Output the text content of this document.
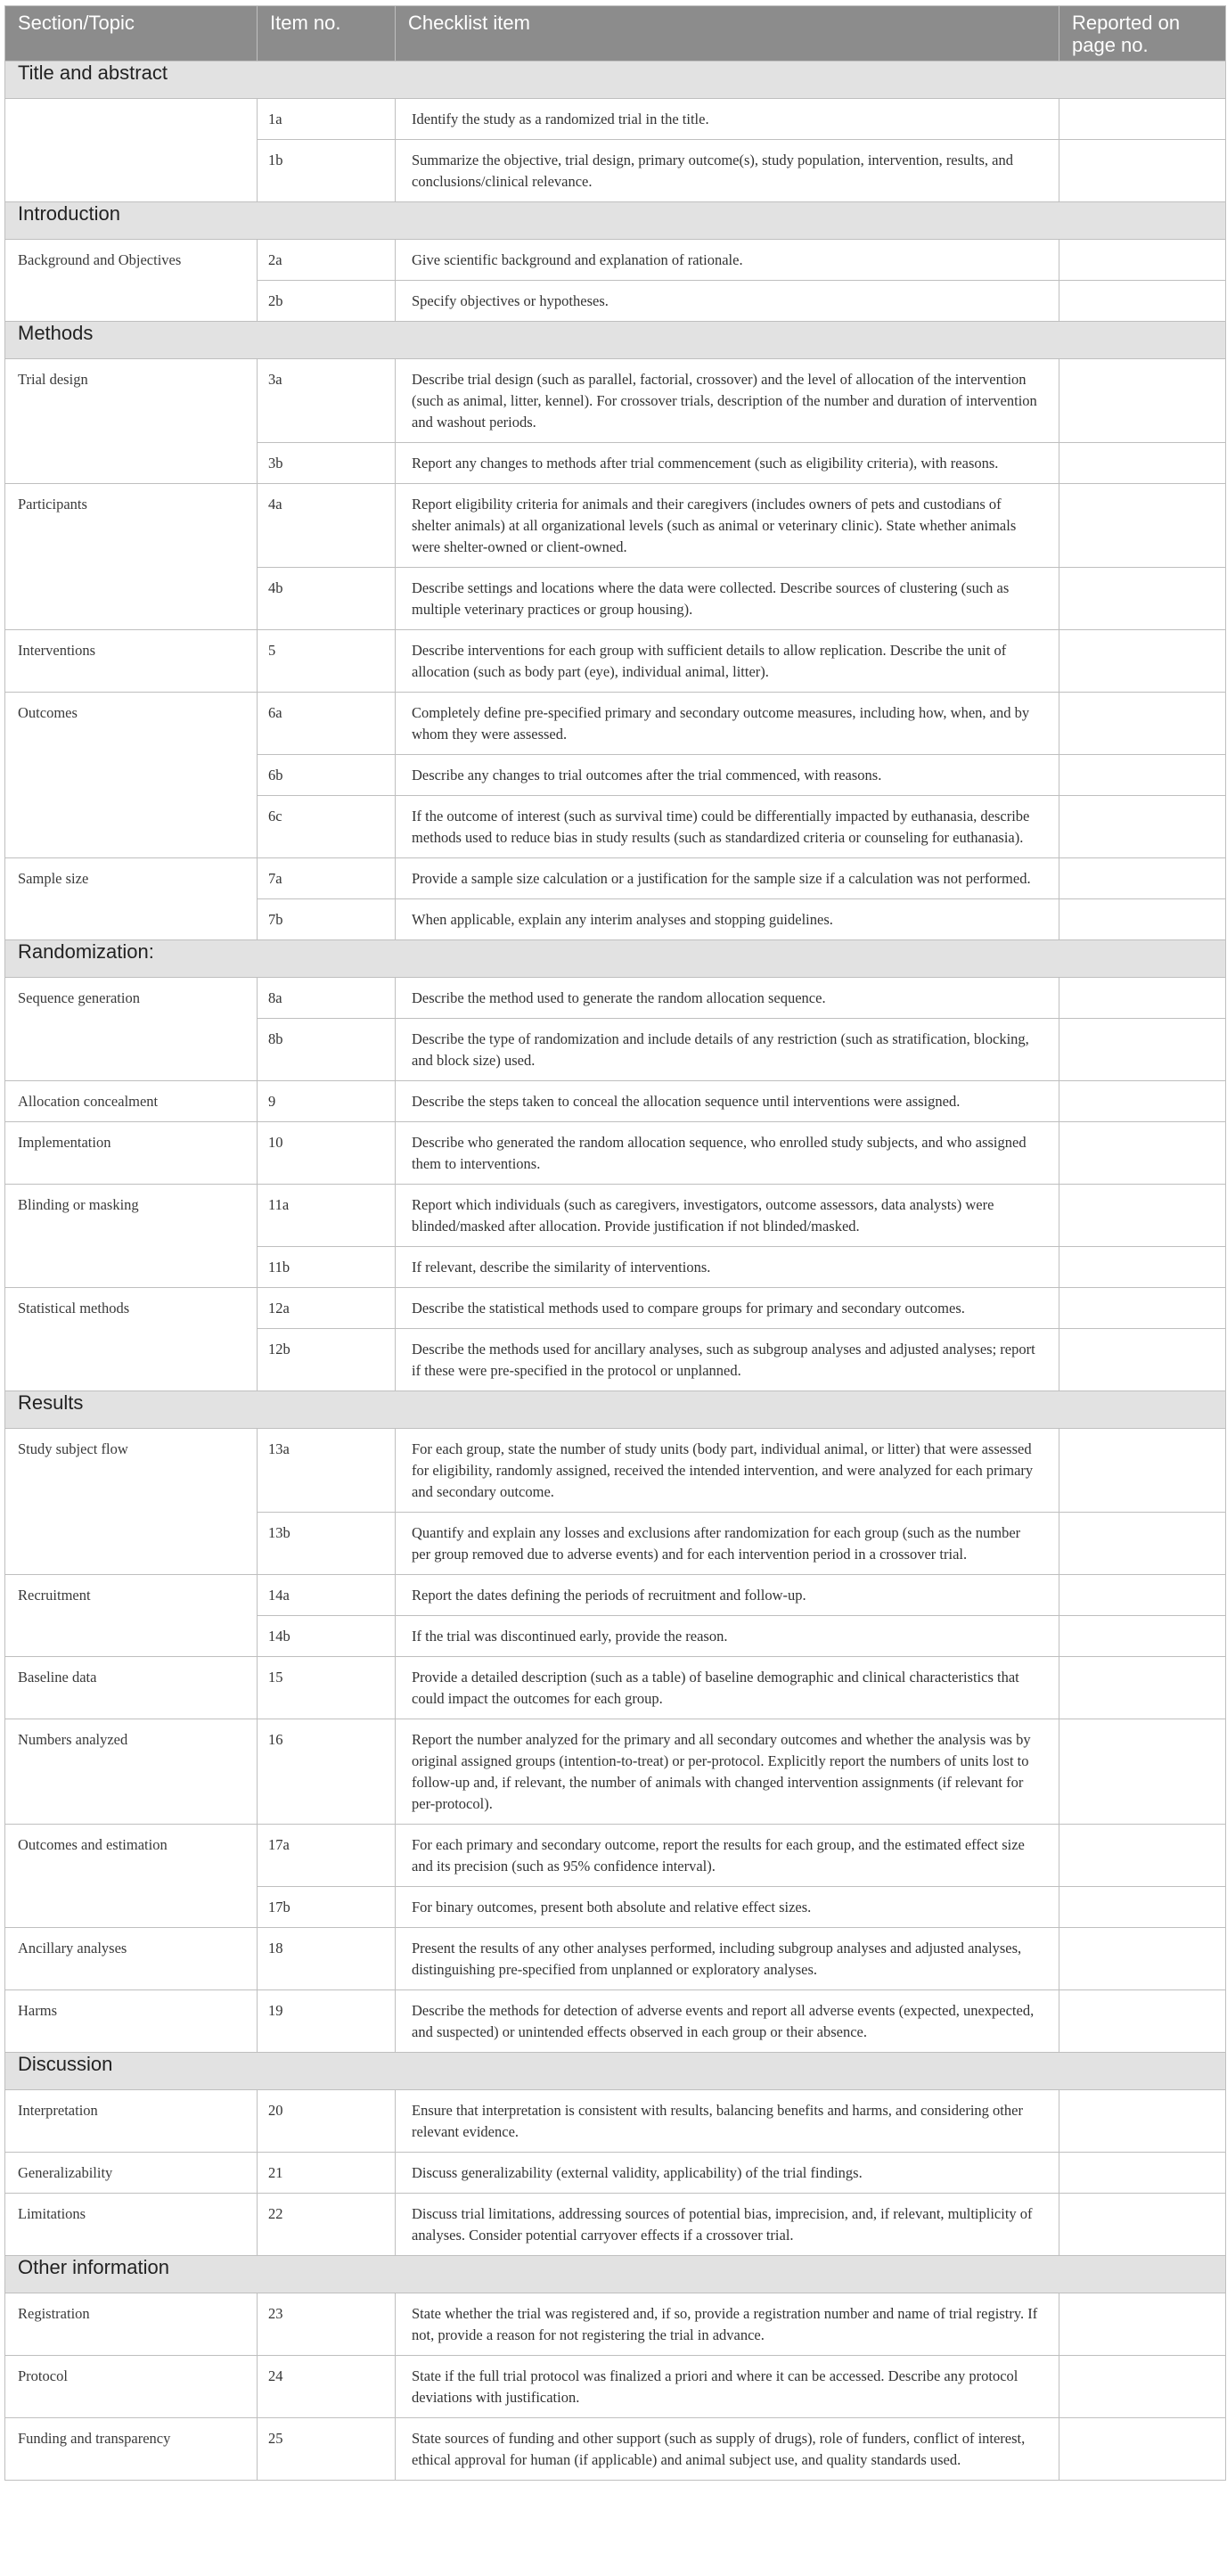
Section/Topic	Item no.	Checklist item	Reported on page no.
Title and abstract			
	1a	Identify the study as a randomized trial in the title.	
	1b	Summarize the objective, trial design, primary outcome(s), study population, intervention, results, and conclusions/clinical relevance.	
Introduction			
Background and Objectives	2a	Give scientific background and explanation of rationale.	
	2b	Specify objectives or hypotheses.	
Methods			
Trial design	3a	Describe trial design (such as parallel, factorial, crossover) and the level of allocation of the intervention (such as animal, litter, kennel). For crossover trials, description of the number and duration of intervention and washout periods.	
	3b	Report any changes to methods after trial commencement (such as eligibility criteria), with reasons.	
Participants	4a	Report eligibility criteria for animals and their caregivers (includes owners of pets and custodians of shelter animals) at all organizational levels (such as animal or veterinary clinic). State whether animals were shelter-owned or client-owned.	
	4b	Describe settings and locations where the data were collected. Describe sources of clustering (such as multiple veterinary practices or group housing).	
Interventions	5	Describe interventions for each group with sufficient details to allow replication. Describe the unit of allocation (such as body part (eye), individual animal, litter).	
Outcomes	6a	Completely define pre-specified primary and secondary outcome measures, including how, when, and by whom they were assessed.	
	6b	Describe any changes to trial outcomes after the trial commenced, with reasons.	
	6c	If the outcome of interest (such as survival time) could be differentially impacted by euthanasia, describe methods used to reduce bias in study results (such as standardized criteria or counseling for euthanasia).	
Sample size	7a	Provide a sample size calculation or a justification for the sample size if a calculation was not performed.	
	7b	When applicable, explain any interim analyses and stopping guidelines.	
Randomization:			
Sequence generation	8a	Describe the method used to generate the random allocation sequence.	
	8b	Describe the type of randomization and include details of any restriction (such as stratification, blocking, and block size) used.	
Allocation concealment	9	Describe the steps taken to conceal the allocation sequence until interventions were assigned.	
Implementation	10	Describe who generated the random allocation sequence, who enrolled study subjects, and who assigned them to interventions.	
Blinding or masking	11a	Report which individuals (such as caregivers, investigators, outcome assessors, data analysts) were blinded/masked after allocation. Provide justification if not blinded/masked.	
	11b	If relevant, describe the similarity of interventions.	
Statistical methods	12a	Describe the statistical methods used to compare groups for primary and secondary outcomes.	
	12b	Describe the methods used for ancillary analyses, such as subgroup analyses and adjusted analyses; report if these were pre-specified in the protocol or unplanned.	
Results			
Study subject flow	13a	For each group, state the number of study units (body part, individual animal, or litter) that were assessed for eligibility, randomly assigned, received the intended intervention, and were analyzed for each primary and secondary outcome.	
	13b	Quantify and explain any losses and exclusions after randomization for each group (such as the number per group removed due to adverse events) and for each intervention period in a crossover trial.	
Recruitment	14a	Report the dates defining the periods of recruitment and follow-up.	
	14b	If the trial was discontinued early, provide the reason.	
Baseline data	15	Provide a detailed description (such as a table) of baseline demographic and clinical characteristics that could impact the outcomes for each group.	
Numbers analyzed	16	Report the number analyzed for the primary and all secondary outcomes and whether the analysis was by original assigned groups (intention-to-treat) or per-protocol. Explicitly report the numbers of units lost to follow-up and, if relevant, the number of animals with changed intervention assignments (if relevant for per-protocol).	
Outcomes and estimation	17a	For each primary and secondary outcome, report the results for each group, and the estimated effect size and its precision (such as 95% confidence interval).	
	17b	For binary outcomes, present both absolute and relative effect sizes.	
Ancillary analyses	18	Present the results of any other analyses performed, including subgroup analyses and adjusted analyses, distinguishing pre-specified from unplanned or exploratory analyses.	
Harms	19	Describe the methods for detection of adverse events and report all adverse events (expected, unexpected, and suspected) or unintended effects observed in each group or their absence.	
Discussion			
Interpretation	20	Ensure that interpretation is consistent with results, balancing benefits and harms, and considering other relevant evidence.	
Generalizability	21	Discuss generalizability (external validity, applicability) of the trial findings.	
Limitations	22	Discuss trial limitations, addressing sources of potential bias, imprecision, and, if relevant, multiplicity of analyses. Consider potential carryover effects if a crossover trial.	
Other information			
Registration	23	State whether the trial was registered and, if so, provide a registration number and name of trial registry. If not, provide a reason for not registering the trial in advance.	
Protocol	24	State if the full trial protocol was finalized a priori and where it can be accessed. Describe any protocol deviations with justification.	
Funding and transparency	25	State sources of funding and other support (such as supply of drugs), role of funders, conflict of interest, ethical approval for human (if applicable) and animal subject use, and quality standards used.	
